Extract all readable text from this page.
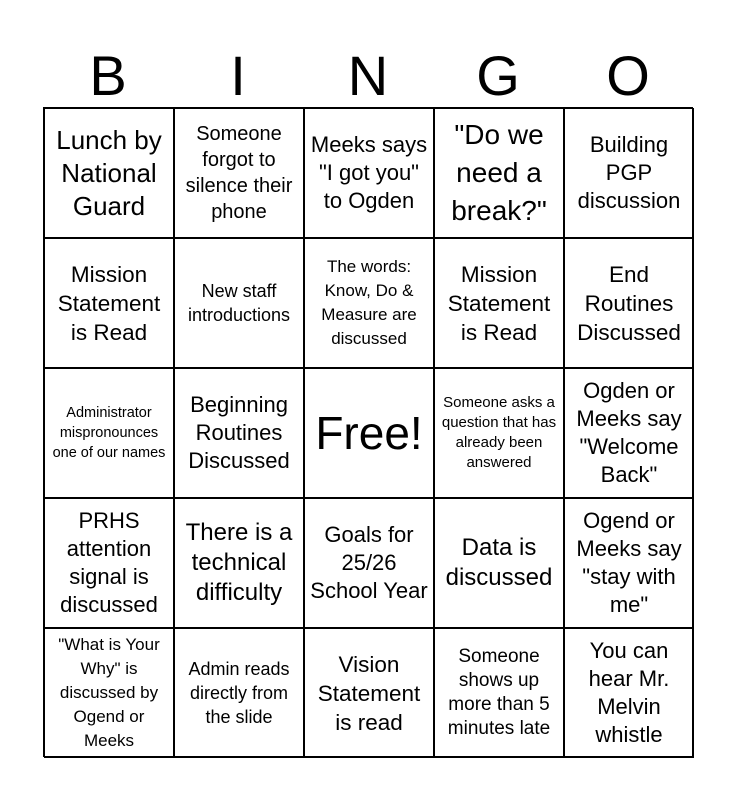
B	I	N	G	O
Lunch by National Guard
Someone forgot to silence their phone
Meeks says "I got you" to Ogden
"Do we need a break?"
Building PGP discussion
Mission Statement is Read
New staff introductions
The words: Know, Do & Measure are discussed
Mission Statement is Read
End Routines Discussed
Administrator mispronounces one of our names
Beginning Routines Discussed
Free!
Someone asks a question that has already been answered
Ogden or Meeks say "Welcome Back"
PRHS attention signal is discussed
There is a technical difficulty
Goals for 25/26 School Year
Data is discussed
Ogend or Meeks say "stay with me"
"What is Your Why" is discussed by Ogend or Meeks
Admin reads directly from the slide
Vision Statement is read
Someone shows up more than 5 minutes late
You can hear Mr. Melvin whistle
